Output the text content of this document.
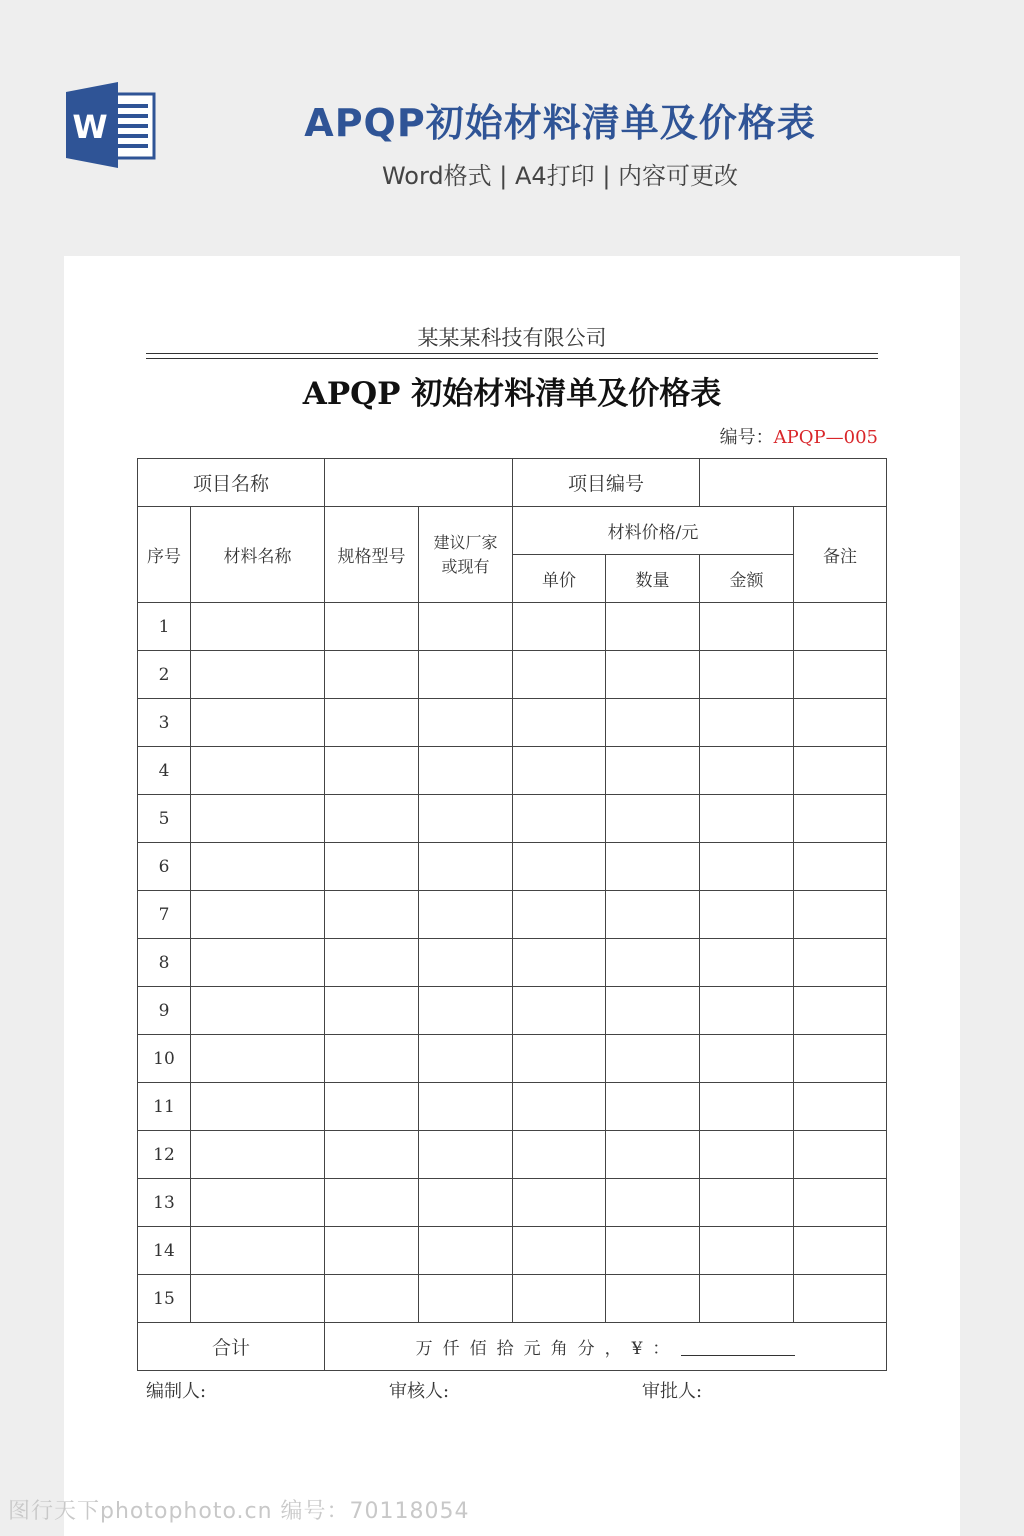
W	APQP初始材料清单及价格表
Word格式 | A4打印 | 内容可更改
某某某科技有限公司
APQP 初始材料清单及价格表
编号：APQP—005
项目名称				项目编号			
序号	材料名称	规格型号	建议厂家或现有	材料价格/元			备注
				单价	数量	金额	
1							
2							
3							
4							
5							
6							
7							
8							
9							
10							
11							
12							
13							
14							
15							
合计		万仟佰拾元角分，¥：					
编制人:	审核人:	审批人:
图行天下photophoto.cn 编号：70118054
